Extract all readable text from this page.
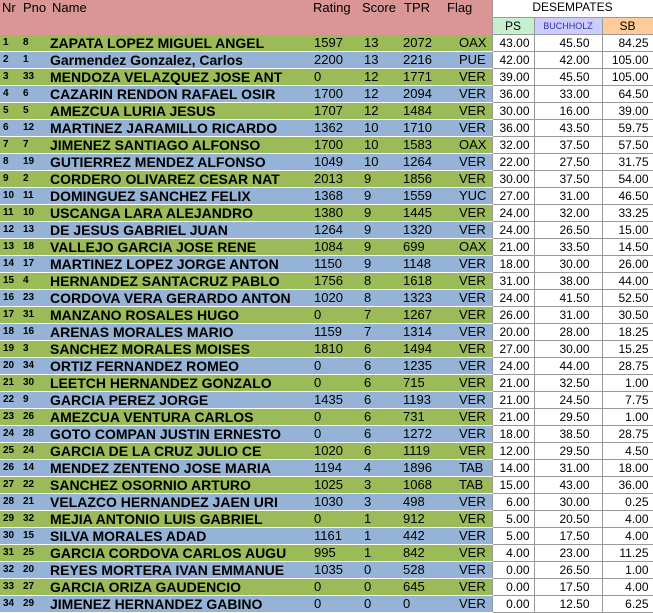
Nr	Pno	Name	Rating	Score	TPR	Flag	DESEMPATES		
							PS	BUCHHOLZ	SB
1	8	ZAPATA LOPEZ MIGUEL ANGEL	1597	13	2072	OAX	43.00	45.50	84.25
2	1	Garmendez Gonzalez, Carlos	2200	13	2216	PUE	42.00	42.00	105.00
3	33	MENDOZA VELAZQUEZ JOSE ANT	0	12	1771	VER	39.00	45.50	105.00
4	6	CAZARIN RENDON RAFAEL OSIR	1700	12	2094	VER	36.00	33.00	64.50
5	5	AMEZCUA LURIA JESUS	1707	12	1484	VER	30.00	16.00	39.00
6	12	MARTINEZ JARAMILLO RICARDO	1362	10	1710	VER	36.00	43.50	59.75
7	7	JIMENEZ SANTIAGO ALFONSO	1700	10	1583	OAX	32.00	37.50	57.50
8	19	GUTIERREZ MENDEZ ALFONSO	1049	10	1264	VER	22.00	27.50	31.75
9	2	CORDERO OLIVAREZ CESAR NAT	2013	9	1856	VER	30.00	37.50	54.00
10	11	DOMINGUEZ SANCHEZ FELIX	1368	9	1559	YUC	27.00	31.00	46.50
11	10	USCANGA LARA ALEJANDRO	1380	9	1445	VER	24.00	32.00	33.25
12	13	DE JESUS GABRIEL JUAN	1264	9	1320	VER	24.00	26.50	15.00
13	18	VALLEJO GARCIA JOSE RENE	1084	9	699	OAX	21.00	33.50	14.50
14	17	MARTINEZ LOPEZ JORGE ANTON	1150	9	1148	VER	18.00	30.00	26.00
15	4	HERNANDEZ SANTACRUZ PABLO	1756	8	1618	VER	31.00	38.00	44.00
16	23	CORDOVA VERA GERARDO ANTON	1020	8	1323	VER	24.00	41.50	52.50
17	31	MANZANO ROSALES HUGO	0	7	1267	VER	26.00	31.00	30.50
18	16	ARENAS MORALES MARIO	1159	7	1314	VER	20.00	28.00	18.25
19	3	SANCHEZ MORALES MOISES	1810	6	1494	VER	27.00	30.00	15.25
20	34	ORTIZ FERNANDEZ ROMEO	0	6	1235	VER	24.00	44.00	28.75
21	30	LEETCH HERNANDEZ GONZALO	0	6	715	VER	21.00	32.50	1.00
22	9	GARCIA PEREZ JORGE	1435	6	1193	VER	21.00	24.50	7.75
23	26	AMEZCUA VENTURA CARLOS	0	6	731	VER	21.00	29.50	1.00
24	28	GOTO COMPAN JUSTIN ERNESTO	0	6	1272	VER	18.00	38.50	28.75
25	24	GARCIA DE LA CRUZ JULIO CE	1020	6	1119	VER	12.00	29.50	4.50
26	14	MENDEZ ZENTENO JOSE MARIA	1194	4	1896	TAB	14.00	31.00	18.00
27	22	SANCHEZ OSORNIO ARTURO	1025	3	1068	TAB	15.00	43.00	36.00
28	21	VELAZCO HERNANDEZ JAEN URI	1030	3	498	VER	6.00	30.00	0.25
29	32	MEJIA ANTONIO LUIS GABRIEL	0	1	912	VER	5.00	20.50	4.00
30	15	SILVA MORALES ADAD	1161	1	442	VER	5.00	17.50	4.00
31	25	GARCIA CORDOVA CARLOS AUGU	995	1	842	VER	4.00	23.00	11.25
32	20	REYES MORTERA IVAN EMMANUE	1035	0	528	VER	0.00	26.50	1.00
33	27	GARCIA ORIZA GAUDENCIO	0	0	645	VER	0.00	17.50	4.00
34	29	JIMENEZ HERNANDEZ GABINO	0	0	0	VER	0.00	12.50	6.25
